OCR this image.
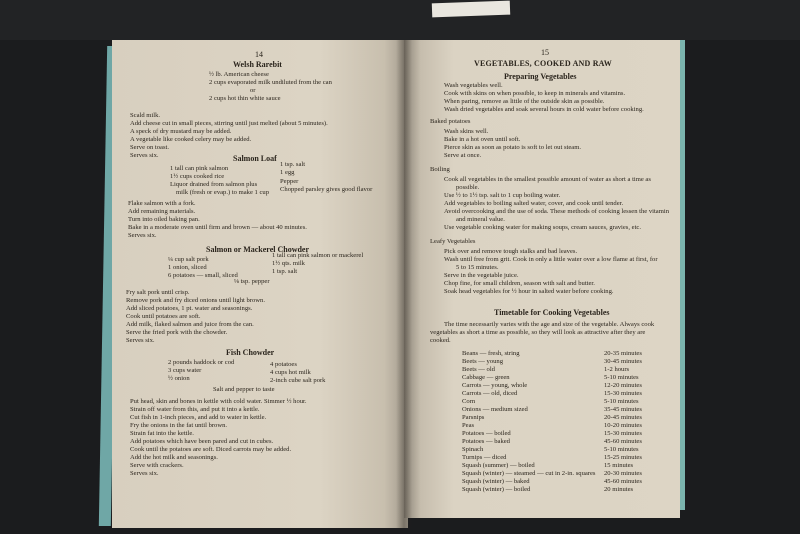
14
Welsh Rarebit
½ lb. American cheese
2 cups evaporated milk undiluted from the can
or
2 cups hot thin white sauce
Scald milk.
Add cheese cut in small pieces, stirring until just melted (about 5 minutes).
A speck of dry mustard may be added.
A vegetable like cooked celery may be added.
Serve on toast.
Serves six.	Salmon Loaf
1 tall can pink salmon
1½ cups cooked rice
Liquor drained from salmon plus
milk (fresh or evap.) to make 1 cup
1 tsp. salt
1 egg
Pepper
Chopped parsley gives good flavor
Flake salmon with a fork.
Add remaining materials.
Turn into oiled baking pan.
Bake in a moderate oven until firm and brown — about 40 minutes.
Serves six.
Salmon or Mackerel Chowder
¼ cup salt pork
1 onion, sliced
6 potatoes — small, sliced
1 tall can pink salmon or mackerel
1½ qts. milk
1 tsp. salt
⅛ tsp. pepper
Fry salt pork until crisp.
Remove pork and fry diced onions until light brown.
Add sliced potatoes, 1 pt. water and seasonings.
Cook until potatoes are soft.
Add milk, flaked salmon and juice from the can.
Serve the fried pork with the chowder.
Serves six.
Fish Chowder
2 pounds haddock or cod
3 cups water
½ onion
4 potatoes
4 cups hot milk
2-inch cube salt pork
Salt and pepper to taste
Put head, skin and bones in kettle with cold water. Simmer ½ hour.
Strain off water from this, and put it into a kettle.
Cut fish in 1-inch pieces, and add to water in kettle.
Fry the onions in the fat until brown.
Strain fat into the kettle.
Add potatoes which have been pared and cut in cubes.
Cook until the potatoes are soft. Diced carrots may be added.
Add the hot milk and seasonings.
Serve with crackers.
Serves six.
15
VEGETABLES, COOKED AND RAW
Preparing Vegetables
Wash vegetables well.
Cook with skins on when possible, to keep in minerals and vitamins.
When paring, remove as little of the outside skin as possible.
Wash dried vegetables and soak several hours in cold water before cooking.
Baked potatoes
Wash skins well.
Bake in a hot oven until soft.
Pierce skin as soon as potato is soft to let out steam.
Serve at once.
Boiling
Cook all vegetables in the smallest possible amount of water as short a time as
possible.
Use ½ to 1½ tsp. salt to 1 cup boiling water.
Add vegetables to boiling salted water, cover, and cook until tender.
Avoid overcooking and the use of soda. These methods of cooking lessen the vitamin
and mineral value.
Use vegetable cooking water for making soups, cream sauces, gravies, etc.
Leafy Vegetables
Pick over and remove tough stalks and bad leaves.
Wash until free from grit. Cook in only a little water over a low flame at first, for
5 to 15 minutes.
Serve in the vegetable juice.
Chop fine, for small children, season with salt and butter.
Soak head vegetables for ½ hour in salted water before cooking.
Timetable for Cooking Vegetables
The time necessarily varies with the age and size of the vegetable. Always cook
vegetables as short a time as possible, so they will look as attractive after they are
cooked.
Beans — fresh, string	20-35 minutes
Beets — young	30-45 minutes
Beets — old	1-2 hours
Cabbage — green	5-10 minutes
Carrots — young, whole	12-20 minutes
Carrots — old, diced	15-30 minutes
Corn	5-10 minutes
Onions — medium sized	35-45 minutes
Parsnips	20-45 minutes
Peas	10-20 minutes
Potatoes — boiled	15-30 minutes
Potatoes — baked	45-60 minutes
Spinach	5-10 minutes
Turnips — diced	15-25 minutes
Squash (summer) — boiled	15 minutes
Squash (winter) — steamed — cut in 2-in. squares 20-30 minutes
Squash (winter) — baked	45-60 minutes
Squash (winter) — boiled	20 minutes
